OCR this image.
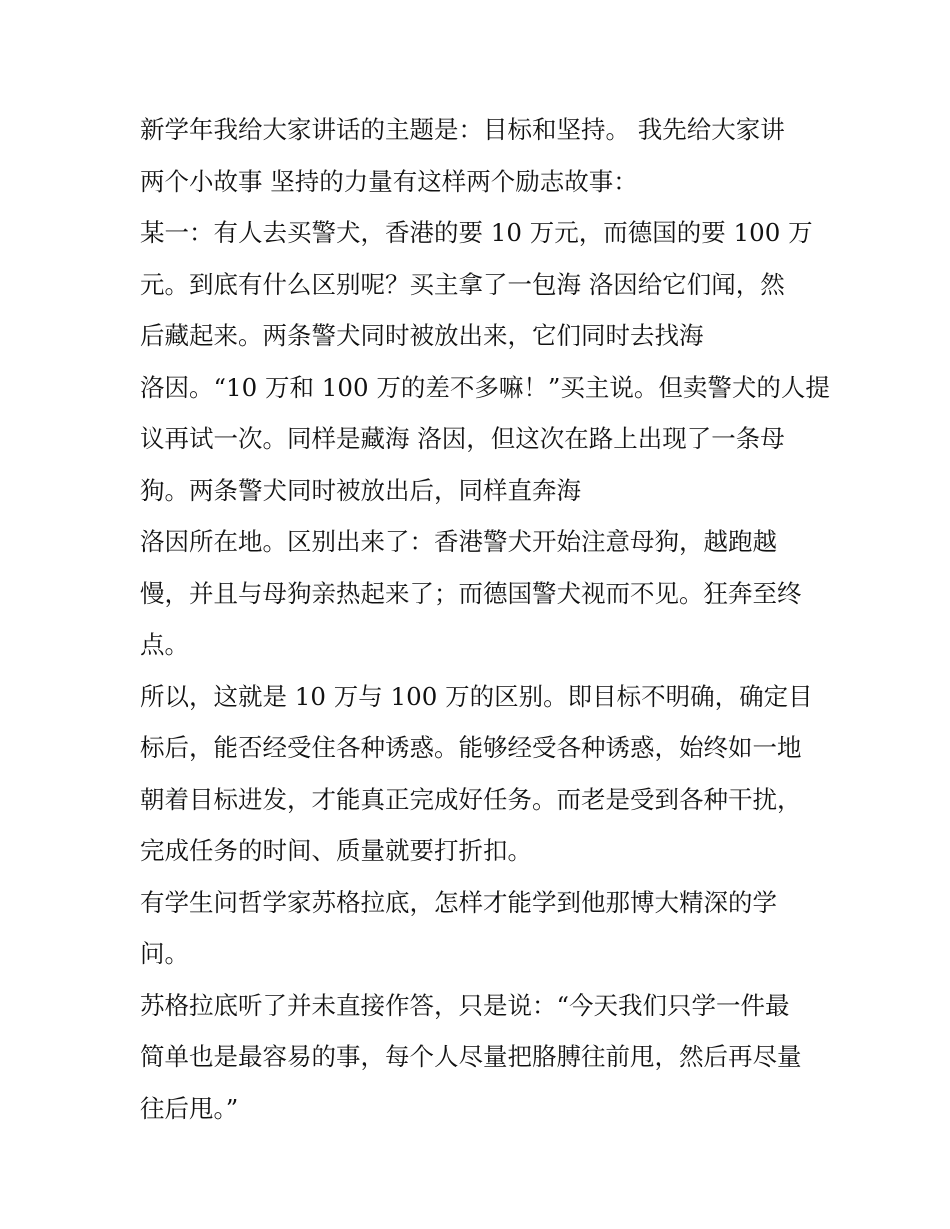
新学年我给大家讲话的主题是：目标和坚持。 我先给大家讲
两个小故事 坚持的力量有这样两个励志故事：
某一：有人去买警犬，香港的要 10 万元，而德国的要 100 万
元。到底有什么区别呢？买主拿了一包海 洛因给它们闻，然
后藏起来。两条警犬同时被放出来，它们同时去找海
洛因。“10 万和 100 万的差不多嘛！”买主说。但卖警犬的人提
议再试一次。同样是藏海 洛因，但这次在路上出现了一条母
狗。两条警犬同时被放出后，同样直奔海
洛因所在地。区别出来了：香港警犬开始注意母狗，越跑越
慢，并且与母狗亲热起来了；而德国警犬视而不见。狂奔至终
点。
所以，这就是 10 万与 100 万的区别。即目标不明确，确定目
标后，能否经受住各种诱惑。能够经受各种诱惑，始终如一地
朝着目标进发，才能真正完成好任务。而老是受到各种干扰，
完成任务的时间、质量就要打折扣。
有学生问哲学家苏格拉底，怎样才能学到他那博大精深的学
问。
苏格拉底听了并未直接作答，只是说：“今天我们只学一件最
简单也是最容易的事，每个人尽量把胳膊往前甩，然后再尽量
往后甩。”
